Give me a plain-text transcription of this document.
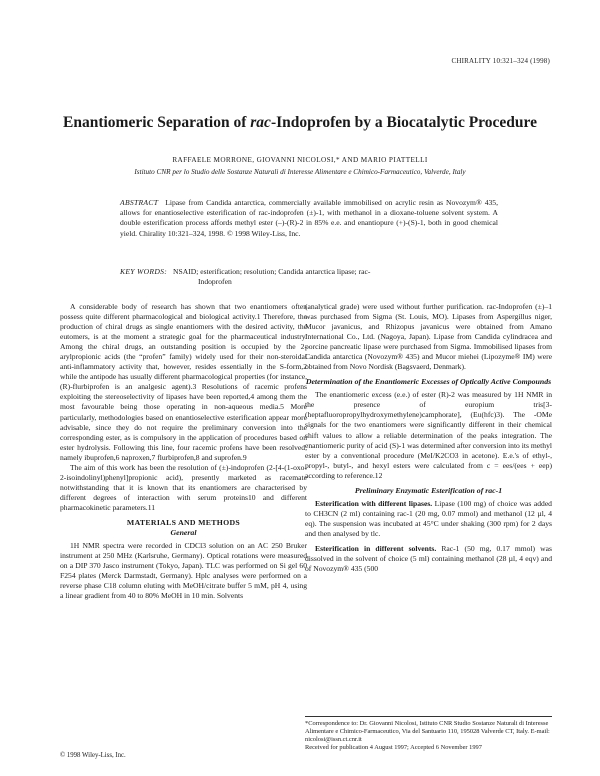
CHIRALITY 10:321–324 (1998)
Enantiomeric Separation of rac-Indoprofen by a Biocatalytic Procedure
RAFFAELE MORRONE, GIOVANNI NICOLOSI,* AND MARIO PIATTELLI
Istituto CNR per lo Studio delle Sostanze Naturali di Interesse Alimentare e Chimico-Farmaceutico, Valverde, Italy
ABSTRACT Lipase from Candida antarctica, commercially available immobilised on acrylic resin as Novozym® 435, allows for enantioselective esterification of rac-indoprofen (±)-1, with methanol in a dioxane-toluene solvent system. A double esterification process affords methyl ester (–)-(R)-2 in 85% e.e. and enantiopure (+)-(S)-1, both in good chemical yield. Chirality 10:321–324, 1998. © 1998 Wiley-Liss, Inc.
KEY WORDS: NSAID; esterification; resolution; Candida antarctica lipase; rac-
Indoprofen

A considerable body of research has shown that two enantiomers often possess quite different pharmacological and biological activity.1 Therefore, the production of chiral drugs as single enantiomers with the desired activity, the eutomers, is at the moment a strategic goal for the pharmaceutical industry. Among the chiral drugs, an outstanding position is occupied by the 2-arylpropionic acids (the “profen” family) widely used for their non-steroidal anti-inflammatory activity that, however, resides essentially in the S-form,2 while the antipode has usually different pharmacological properties (for instance, (R)-flurbiprofen is an analgesic agent).3 Resolutions of racemic profens exploiting the stereoselectivity of lipases have been reported,4 among them the most favourable being those operating in non-aqueous media.5 More particularly, methodologies based on enantioselective esterification appear more advisable, since they do not require the preliminary conversion into the corresponding ester, as is compulsory in the application of procedures based on ester hydrolysis. Following this line, four racemic profens have been resolved, namely ibuprofen,6 naproxen,7 flurbiprofen,8 and suprofen.9

The aim of this work has been the resolution of (±)-indoprofen (2-[4-(1-oxo-2-isoindolinyl)phenyl]propionic acid), presently marketed as racemate notwithstanding that it is known that its enantiomers are characterised by different degrees of interaction with serum proteins10 and different pharmacokinetic parameters.11

MATERIALS AND METHODS
General

1H NMR spectra were recorded in CDCl3 solution on an AC 250 Bruker instrument at 250 MHz (Karlsruhe, Germany). Optical rotations were measured on a DIP 370 Jasco instrument (Tokyo, Japan). TLC was performed on Si gel 60 F254 plates (Merck Darmstadt, Germany). Hplc analyses were performed on a reverse phase C18 column eluting with MeOH/citrate buffer 5 mM, pH 4, using a linear gradient from 40 to 80% MeOH in 10 min. Solvents

(analytical grade) were used without further purification. rac-Indoprofen (±)–1 was purchased from Sigma (St. Louis, MO). Lipases from Aspergillus niger, Mucor javanicus, and Rhizopus javanicus were obtained from Amano International Co., Ltd. (Nagoya, Japan). Lipase from Candida cylindracea and porcine pancreatic lipase were purchased from Sigma. Immobilised lipases from Candida antarctica (Novozym® 435) and Mucor miehei (Lipozyme® IM) were obtained from Novo Nordisk (Bagsvaerd, Denmark).

Determination of the Enantiomeric Excesses of Optically Active Compounds

The enantiomeric excess (e.e.) of ester (R)-2 was measured by 1H NMR in the presence of europium tris[3-(heptafluoropropylhydroxymethylene)camphorate], (Eu(hfc)3). The -OMe signals for the two enantiomers were significantly different in their chemical shift values to allow a reliable determination of the peaks integration. The enantiomeric purity of acid (S)-1 was determined after conversion into its methyl ester by a conventional procedure (MeI/K2CO3 in acetone). E.e.'s of ethyl-, propyl-, butyl-, and hexyl esters were calculated from c = ees/(ees + eep) according to reference.12

Preliminary Enzymatic Esterification of rac-1

Esterification with different lipases. Lipase (100 mg) of choice was added to CH3CN (2 ml) containing rac-1 (20 mg, 0.07 mmol) and methanol (12 µl, 4 eq). The suspension was incubated at 45°C under shaking (300 rpm) for 2 days and then analysed by tlc.

Esterification in different solvents. Rac-1 (50 mg, 0.17 mmol) was dissolved in the solvent of choice (5 ml) containing methanol (28 µl, 4 eqv) and of Novozym® 435 (500

*Correspondence to: Dr. Giovanni Nicolosi, Istituto CNR Studio Sostanze Naturali di Interesse Alimentare e Chimico-Farmaceutico, Via del Santuario 110, 195028 Valverde CT, Italy. E-mail: nicolosi@issn.ct.cnr.it

Received for publication 4 August 1997; Accepted 6 November 1997

© 1998 Wiley-Liss, Inc.
